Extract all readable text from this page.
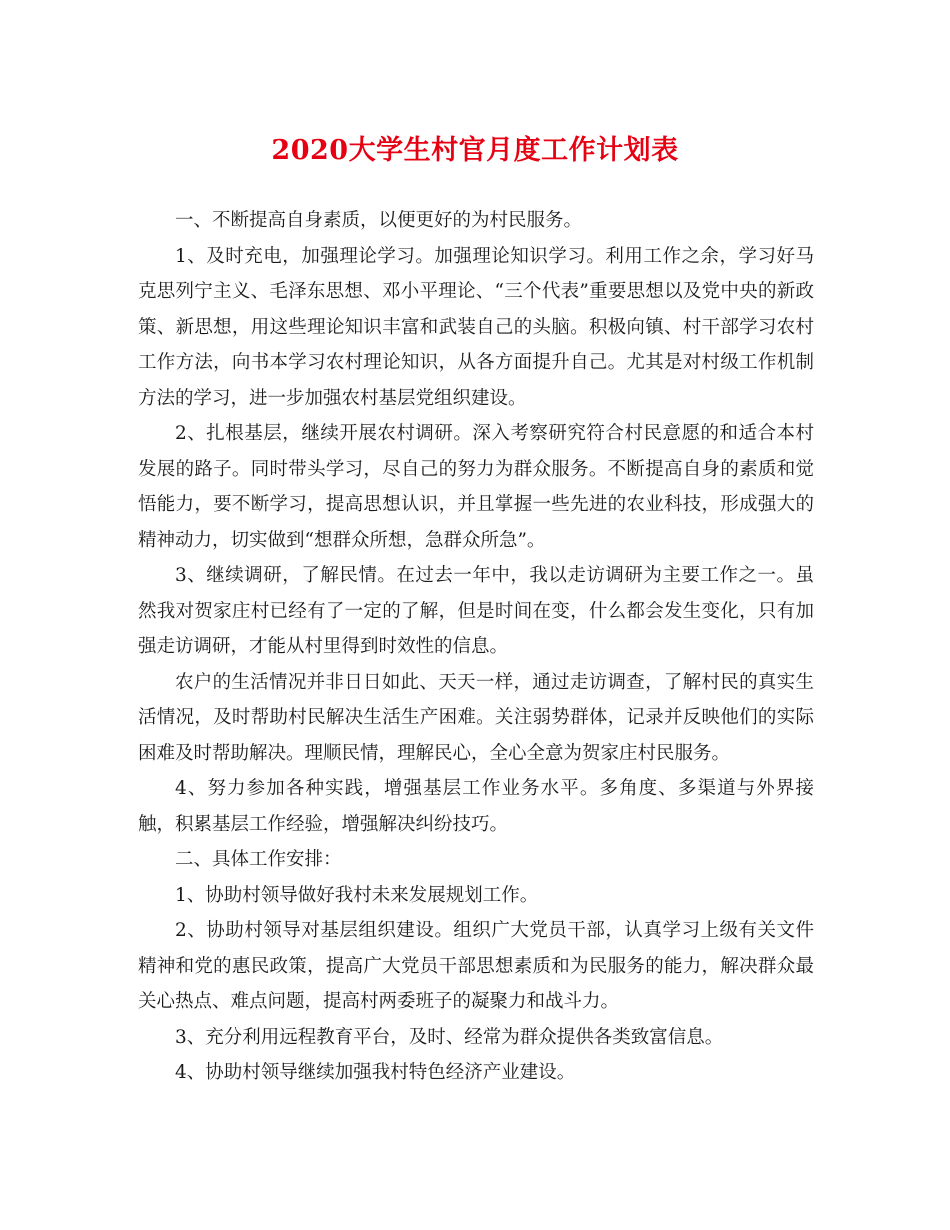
2020大学生村官月度工作计划表

一、不断提高自身素质，以便更好的为村民服务。

1、及时充电，加强理论学习。加强理论知识学习。利用工作之余，学习好马克思列宁主义、毛泽东思想、邓小平理论、“三个代表”重要思想以及党中央的新政策、新思想，用这些理论知识丰富和武装自己的头脑。积极向镇、村干部学习农村工作方法，向书本学习农村理论知识，从各方面提升自己。尤其是对村级工作机制方法的学习，进一步加强农村基层党组织建设。

2、扎根基层，继续开展农村调研。深入考察研究符合村民意愿的和适合本村发展的路子。同时带头学习，尽自己的努力为群众服务。不断提高自身的素质和觉悟能力，要不断学习，提高思想认识，并且掌握一些先进的农业科技，形成强大的精神动力，切实做到“想群众所想，急群众所急”。

3、继续调研，了解民情。在过去一年中，我以走访调研为主要工作之一。虽然我对贺家庄村已经有了一定的了解，但是时间在变，什么都会发生变化，只有加强走访调研，才能从村里得到时效性的信息。

农户的生活情况并非日日如此、天天一样，通过走访调查，了解村民的真实生活情况，及时帮助村民解决生活生产困难。关注弱势群体，记录并反映他们的实际困难及时帮助解决。理顺民情，理解民心，全心全意为贺家庄村民服务。

4、努力参加各种实践，增强基层工作业务水平。多角度、多渠道与外界接触，积累基层工作经验，增强解决纠纷技巧。

二、具体工作安排：

1、协助村领导做好我村未来发展规划工作。

2、协助村领导对基层组织建设。组织广大党员干部，认真学习上级有关文件精神和党的惠民政策，提高广大党员干部思想素质和为民服务的能力，解决群众最关心热点、难点问题，提高村两委班子的凝聚力和战斗力。

3、充分利用远程教育平台，及时、经常为群众提供各类致富信息。

4、协助村领导继续加强我村特色经济产业建设。
